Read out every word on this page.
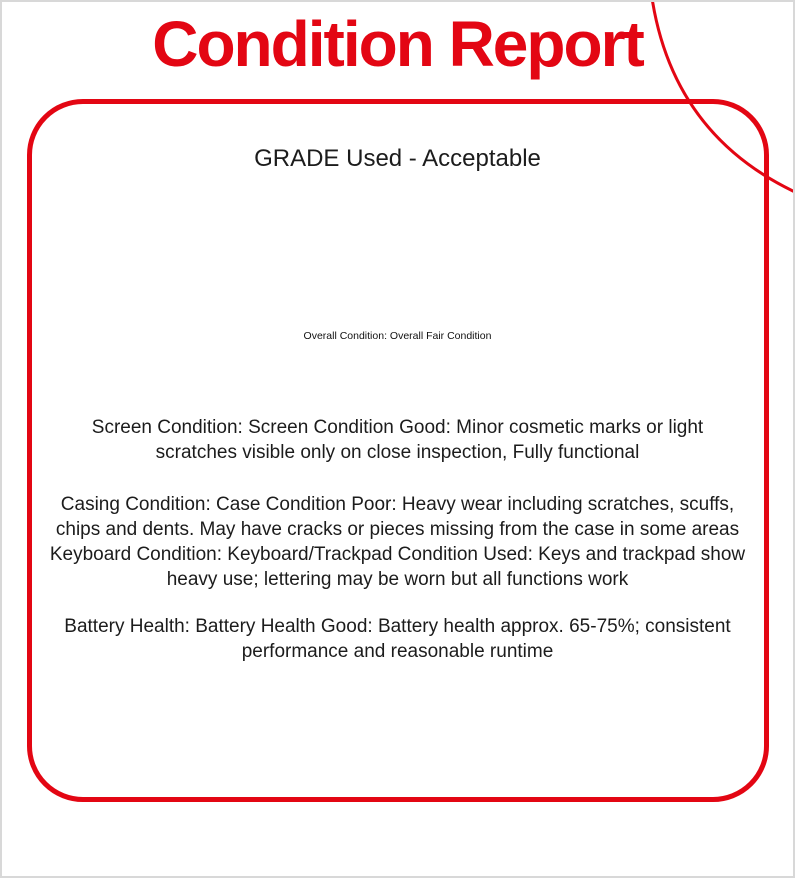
Condition Report
GRADE Used - Acceptable
Overall Condition: Overall Fair Condition

Screen Condition: Screen Condition Good: Minor cosmetic marks or light scratches visible only on close inspection, Fully functional

Casing Condition: Case Condition Poor: Heavy wear including scratches, scuffs, chips and dents. May have cracks or pieces missing from the case in some areas

Keyboard Condition: Keyboard/Trackpad Condition Used: Keys and trackpad show heavy use; lettering may be worn but all functions work

Battery Health: Battery Health Good: Battery health approx. 65-75%; consistent performance and reasonable runtime
